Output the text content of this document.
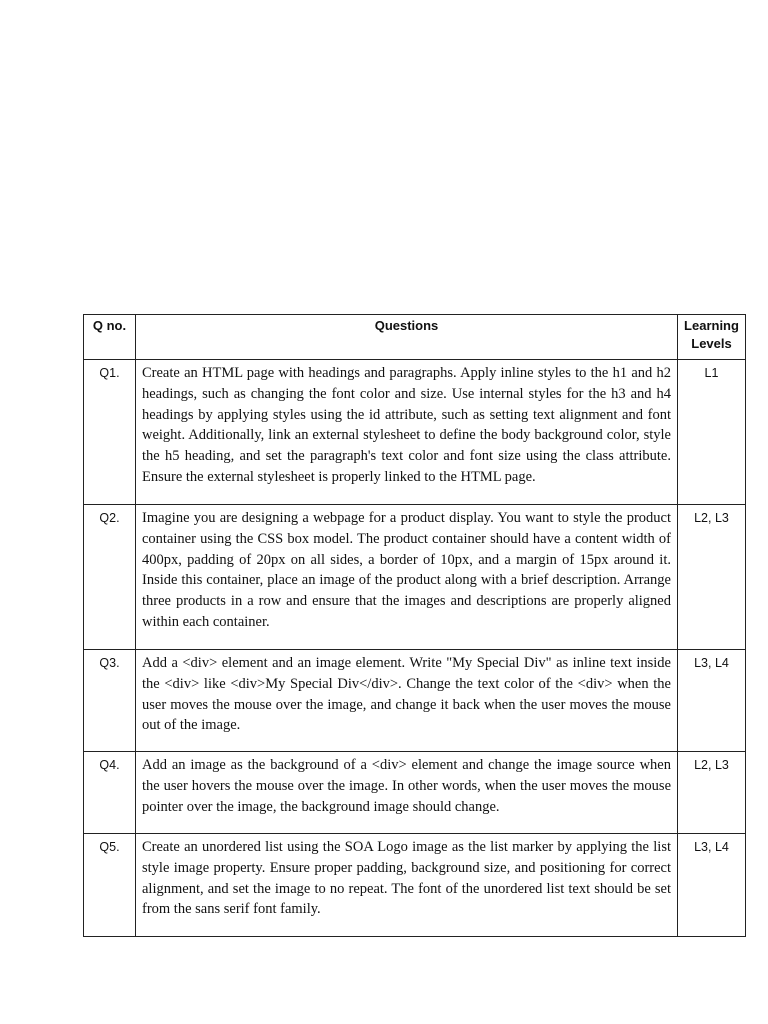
Q no.	Questions	Learning Levels
Q1.	Create an HTML page with headings and paragraphs. Apply inline styles to the h1 and h2 headings, such as changing the font color and size. Use internal styles for the h3 and h4 headings by applying styles using the id attribute, such as setting text alignment and font weight. Additionally, link an external stylesheet to define the body background color, style the h5 heading, and set the paragraph's text color and font size using the class attribute. Ensure the external stylesheet is properly linked to the HTML page.	L1
Q2.	Imagine you are designing a webpage for a product display. You want to style the product container using the CSS box model. The product container should have a content width of 400px, padding of 20px on all sides, a border of 10px, and a margin of 15px around it. Inside this container, place an image of the product along with a brief description. Arrange three products in a row and ensure that the images and descriptions are properly aligned within each container.	L2, L3
Q3.	Add a <div> element and an image element. Write "My Special Div" as inline text inside the <div> like <div>My Special Div</div>. Change the text color of the <div> when the user moves the mouse over the image, and change it back when the user moves the mouse out of the image.	L3, L4
Q4.	Add an image as the background of a <div> element and change the image source when the user hovers the mouse over the image. In other words, when the user moves the mouse pointer over the image, the background image should change.	L2, L3
Q5.	Create an unordered list using the SOA Logo image as the list marker by applying the list style image property. Ensure proper padding, background size, and positioning for correct alignment, and set the image to no repeat. The font of the unordered list text should be set from the sans serif font family.	L3, L4
